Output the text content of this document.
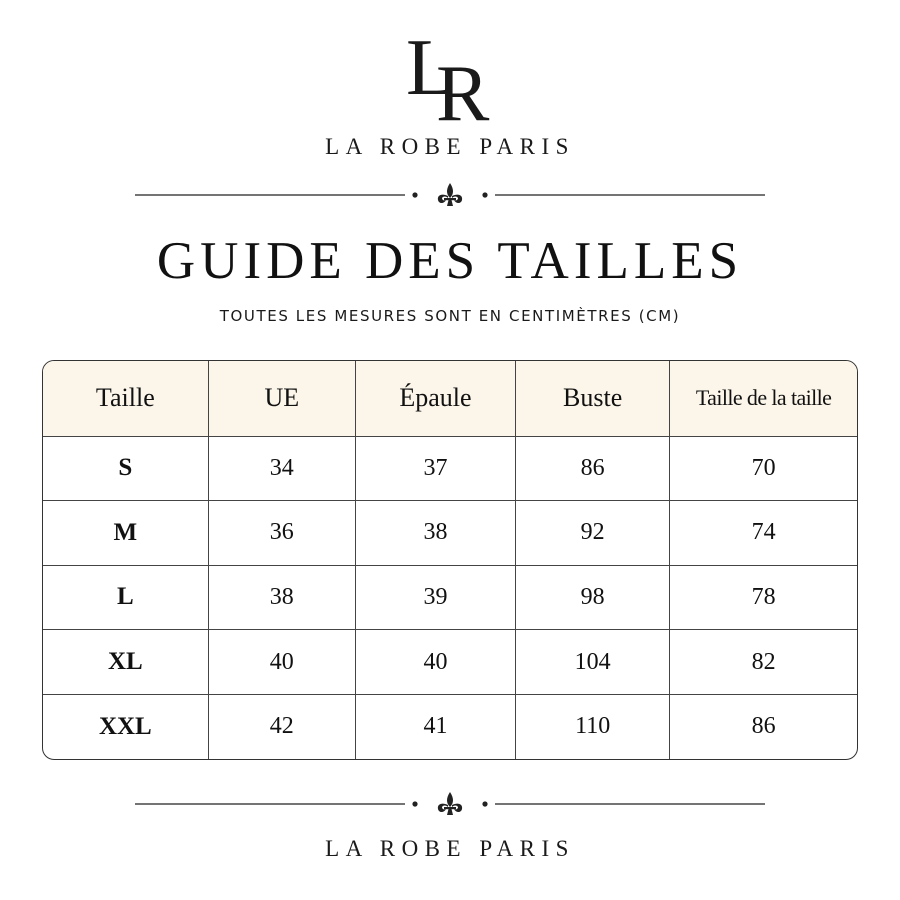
L
R
LA ROBE PARIS
GUIDE DES TAILLES
TOUTES LES MESURES SONT EN CENTIMÈTRES (CM)
Taille	UE	Épaule	Buste	Taille de la taille
S	34	37	86	70
M	36	38	92	74
L	38	39	98	78
XL	40	40	104	82
XXL	42	41	110	86
LA ROBE PARIS
